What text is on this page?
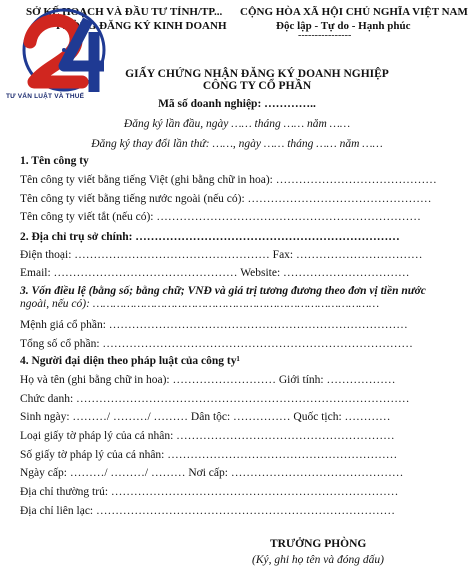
SỞ KẾ HOẠCH VÀ ĐẦU TƯ TỈNH/TP...
PHÒNG ĐĂNG KÝ KINH DOANH
CỘNG HÒA XÃ HỘI CHỦ NGHĨA VIỆT NAM
Độc lập - Tự do - Hạnh phúc
----------------
TƯ VẤN LUẬT VÀ THUẾ
GIẤY CHỨNG NHẬN ĐĂNG KÝ DOANH NGHIỆP
CÔNG TY CỔ PHẦN
Mã số doanh nghiệp: …………..
Đăng ký lần đầu, ngày …… tháng …… năm ……
Đăng ký thay đổi lần thứ: ……, ngày …… tháng …… năm ……
1. Tên công ty
Tên công ty viết bằng tiếng Việt (ghi bằng chữ in hoa): ……………………………………
Tên công ty viết bằng tiếng nước ngoài (nếu có): …………………………………………
Tên công ty viết tắt (nếu có): ……………………………………………………………
2. Địa chỉ trụ sở chính: ……………………………………………………………
Điện thoại: …………………………………………… Fax: ……………………………
Email: ………………………………………… Website: ……………………………
3. Vốn điều lệ (bằng số; bằng chữ; VNĐ và giá trị tương đương theo đơn vị tiền nước
ngoài, nếu có): …………………………………………………………………………
Mệnh giá cổ phần: ……………………………………………………………………
Tổng số cổ phần: ………………………………………………………………………
4. Người đại diện theo pháp luật của công ty¹
Họ và tên (ghi bằng chữ in hoa): ……………………… Giới tính: ………………
Chức danh: ……………………………………………………………………………
Sinh ngày: ………/ ………/ ……… Dân tộc: …………… Quốc tịch: …………
Loại giấy tờ pháp lý của cá nhân: …………………………………………………
Số giấy tờ pháp lý của cá nhân: ……………………………………………………
Ngày cấp: ………/ ………/ ……… Nơi cấp: ………………………………………
Địa chỉ thường trú: …………………………………………………………………
Địa chỉ liên lạc: ……………………………………………………………………
TRƯỞNG PHÒNG
(Ký, ghi họ tên và đóng dấu)
